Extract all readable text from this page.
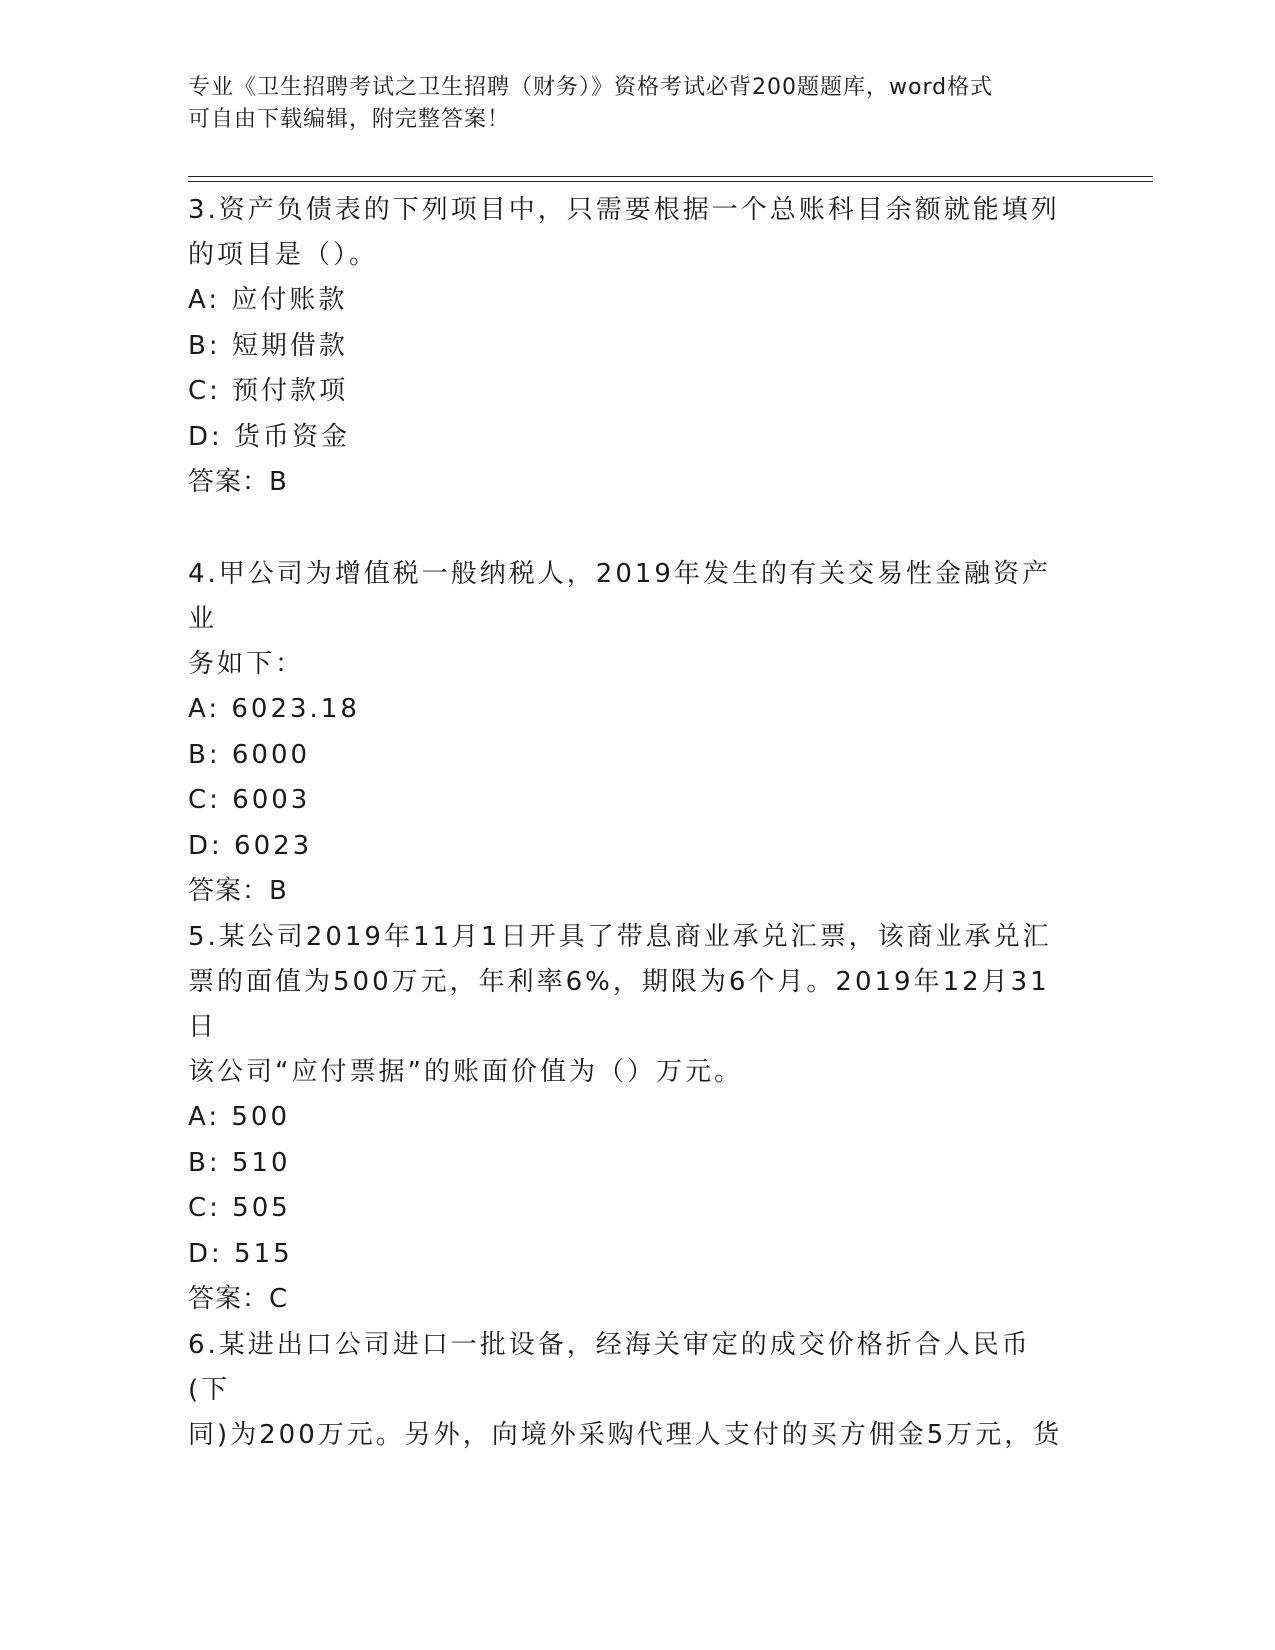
专业《卫生招聘考试之卫生招聘（财务）》资格考试必背200题题库，word格式
可自由下载编辑，附完整答案！
3.资产负债表的下列项目中，只需要根据一个总账科目余额就能填列
的项目是（）。
A: 应付账款
B: 短期借款
C: 预付款项
D: 货币资金
答案：B
4.甲公司为增值税一般纳税人，2019年发生的有关交易性金融资产业
务如下：
A: 6023.18
B: 6000
C: 6003
D: 6023
答案：B
5.某公司2019年11月1日开具了带息商业承兑汇票，该商业承兑汇
票的面值为500万元，年利率6%，期限为6个月。2019年12月31日
该公司“应付票据”的账面价值为（）万元。
A: 500
B: 510
C: 505
D: 515
答案：C
6.某进出口公司进口一批设备，经海关审定的成交价格折合人民币(下
同)为200万元。另外，向境外采购代理人支付的买方佣金5万元，货
